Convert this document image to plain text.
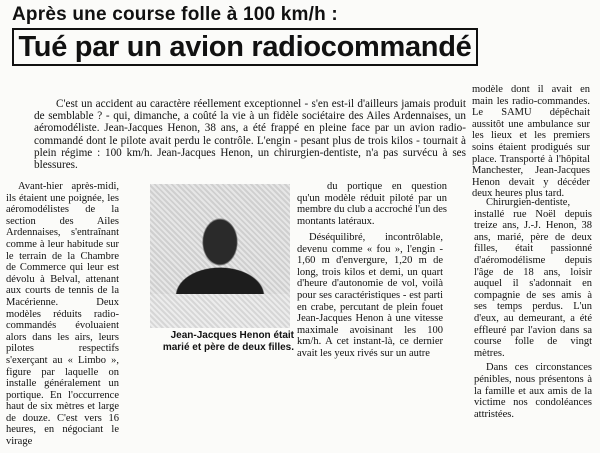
Après une course folle à 100 km/h :
Tué par un avion radiocommandé
C'est un accident au caractère réellement exceptionnel - s'en est-il d'ailleurs jamais produit de semblable ? - qui, dimanche, a coûté la vie à un fidèle sociétaire des Ailes Ardennaises, un aéromodéliste. Jean-Jacques Henon, 38 ans, a été frappé en pleine face par un avion radio-commandé dont le pilote avait perdu le contrôle. L'engin - pesant plus de trois kilos - tournait à plein régime : 100 km/h. Jean-Jacques Henon, un chirurgien-dentiste, n'a pas survécu à ses blessures.

Avant-hier après-midi, ils étaient une poignée, les aéromodélistes de la section des Ailes Ardennaises, s'entraînant comme à leur habitude sur le terrain de la Chambre de Commerce qui leur est dévolu à Belval, attenant aux courts de tennis de la Macérienne. Deux modèles réduits radio-commandés évoluaient alors dans les airs, leurs pilotes respectifs s'exerçant au « Limbo », figure par laquelle on installe généralement un portique. En l'occurrence haut de six mètres et large de douze. C'est vers 16 heures, en négociant le virage

Jean-Jacques Henon était marié et père de deux filles.

du portique en question qu'un modèle réduit piloté par un membre du club a accroché l'un des montants latéraux.

Déséquilibré, incontrôlable, devenu comme « fou », l'engin - 1,60 m d'envergure, 1,20 m de long, trois kilos et demi, un quart d'heure d'autonomie de vol, voilà pour ses caractéristiques - est parti en crabe, percutant de plein fouet Jean-Jacques Henon à une vitesse maximale avoisinant les 100 km/h. A cet instant-là, ce dernier avait les yeux rivés sur un autre

modèle dont il avait en main les radio-commandes. Le SAMU dépêchait aussitôt une ambulance sur les lieux et les premiers soins étaient prodigués sur place. Transporté à l'hôpital Manchester, Jean-Jacques Henon devait y décéder deux heures plus tard.

Chirurgien-dentiste, installé rue Noël depuis treize ans, J.-J. Henon, 38 ans, marié, père de deux filles, était passionné d'aéromodélisme depuis l'âge de 18 ans, loisir auquel il s'adonnait en compagnie de ses amis à ses temps perdus. L'un d'eux, au demeurant, a été effleuré par l'avion dans sa course folle de vingt mètres.

Dans ces circonstances pénibles, nous présentons à la famille et aux amis de la victime nos condoléances attristées.
